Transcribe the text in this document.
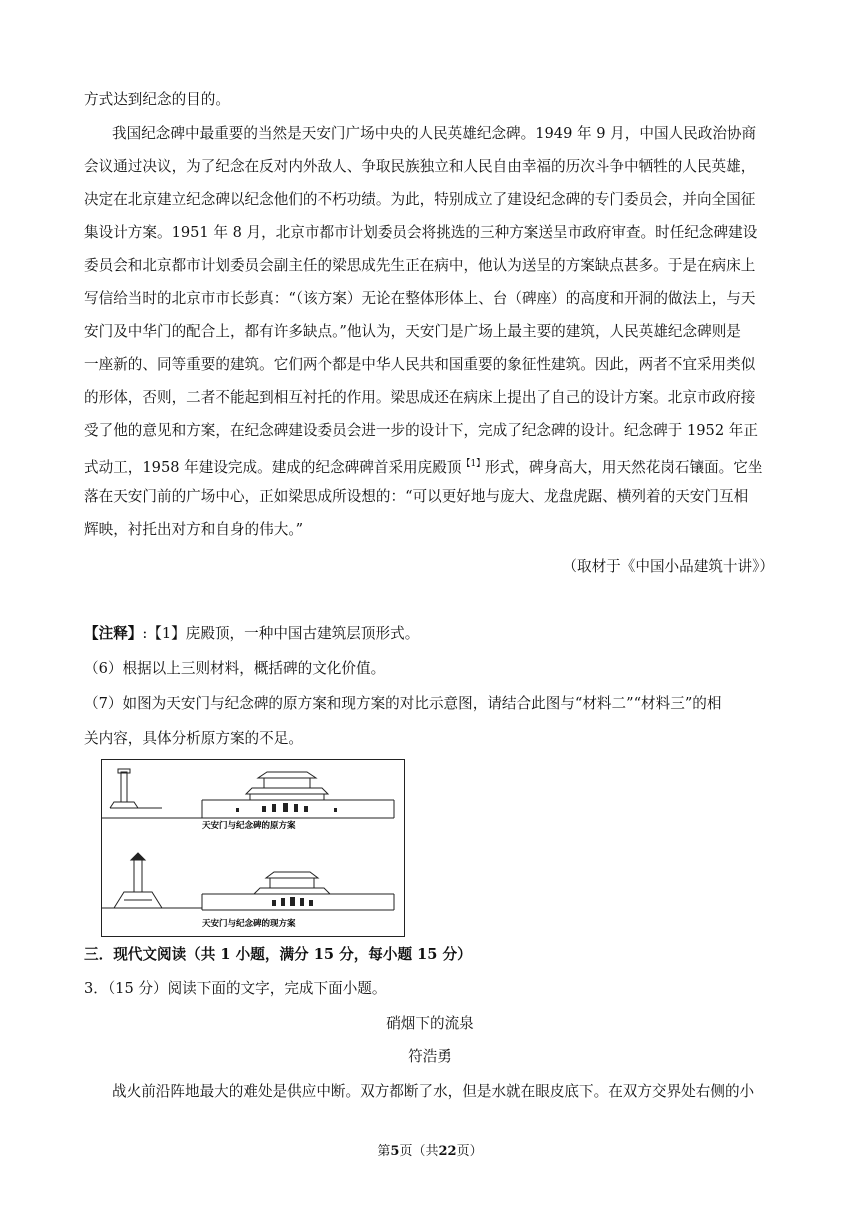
方式达到纪念的目的。
我国纪念碑中最重要的当然是天安门广场中央的人民英雄纪念碑。1949 年 9 月，中国人民政治协商
会议通过决议，为了纪念在反对内外敌人、争取民族独立和人民自由幸福的历次斗争中牺牲的人民英雄，
决定在北京建立纪念碑以纪念他们的不朽功绩。为此，特别成立了建设纪念碑的专门委员会，并向全国征
集设计方案。1951 年 8 月，北京市都市计划委员会将挑选的三种方案送呈市政府审查。时任纪念碑建设
委员会和北京都市计划委员会副主任的梁思成先生正在病中，他认为送呈的方案缺点甚多。于是在病床上
写信给当时的北京市市长彭真：“（该方案）无论在整体形体上、台（碑座）的高度和开洞的做法上，与天
安门及中华门的配合上，都有许多缺点。”他认为，天安门是广场上最主要的建筑，人民英雄纪念碑则是
一座新的、同等重要的建筑。它们两个都是中华人民共和国重要的象征性建筑。因此，两者不宜采用类似
的形体，否则，二者不能起到相互衬托的作用。梁思成还在病床上提出了自己的设计方案。北京市政府接
受了他的意见和方案，在纪念碑建设委员会进一步的设计下，完成了纪念碑的设计。纪念碑于 1952 年正
式动工，1958 年建设完成。建成的纪念碑碑首采用庑殿顶$^{【1】}$形式，碑身高大，用天然花岗石镶面。它坐
落在天安门前的广场中心，正如梁思成所设想的：“可以更好地与庞大、龙盘虎踞、横列着的天安门互相
辉映，衬托出对方和自身的伟大。”
（取材于《中国小品建筑十讲》）
【注释】:【1】庑殿顶，一种中国古建筑层顶形式。
（6）根据以上三则材料，概括碑的文化价值。
（7）如图为天安门与纪念碑的原方案和现方案的对比示意图，请结合此图与“材料二”“材料三”的相
关内容，具体分析原方案的不足。
天安门与纪念碑的原方案
天安门与纪念碑的现方案
三．现代文阅读（共 1 小题，满分 15 分，每小题 15 分）
3．（15 分）阅读下面的文字，完成下面小题。
硝烟下的流泉
符浩勇
战火前沿阵地最大的难处是供应中断。双方都断了水，但是水就在眼皮底下。在双方交界处右侧的小
第5页（共22页）
